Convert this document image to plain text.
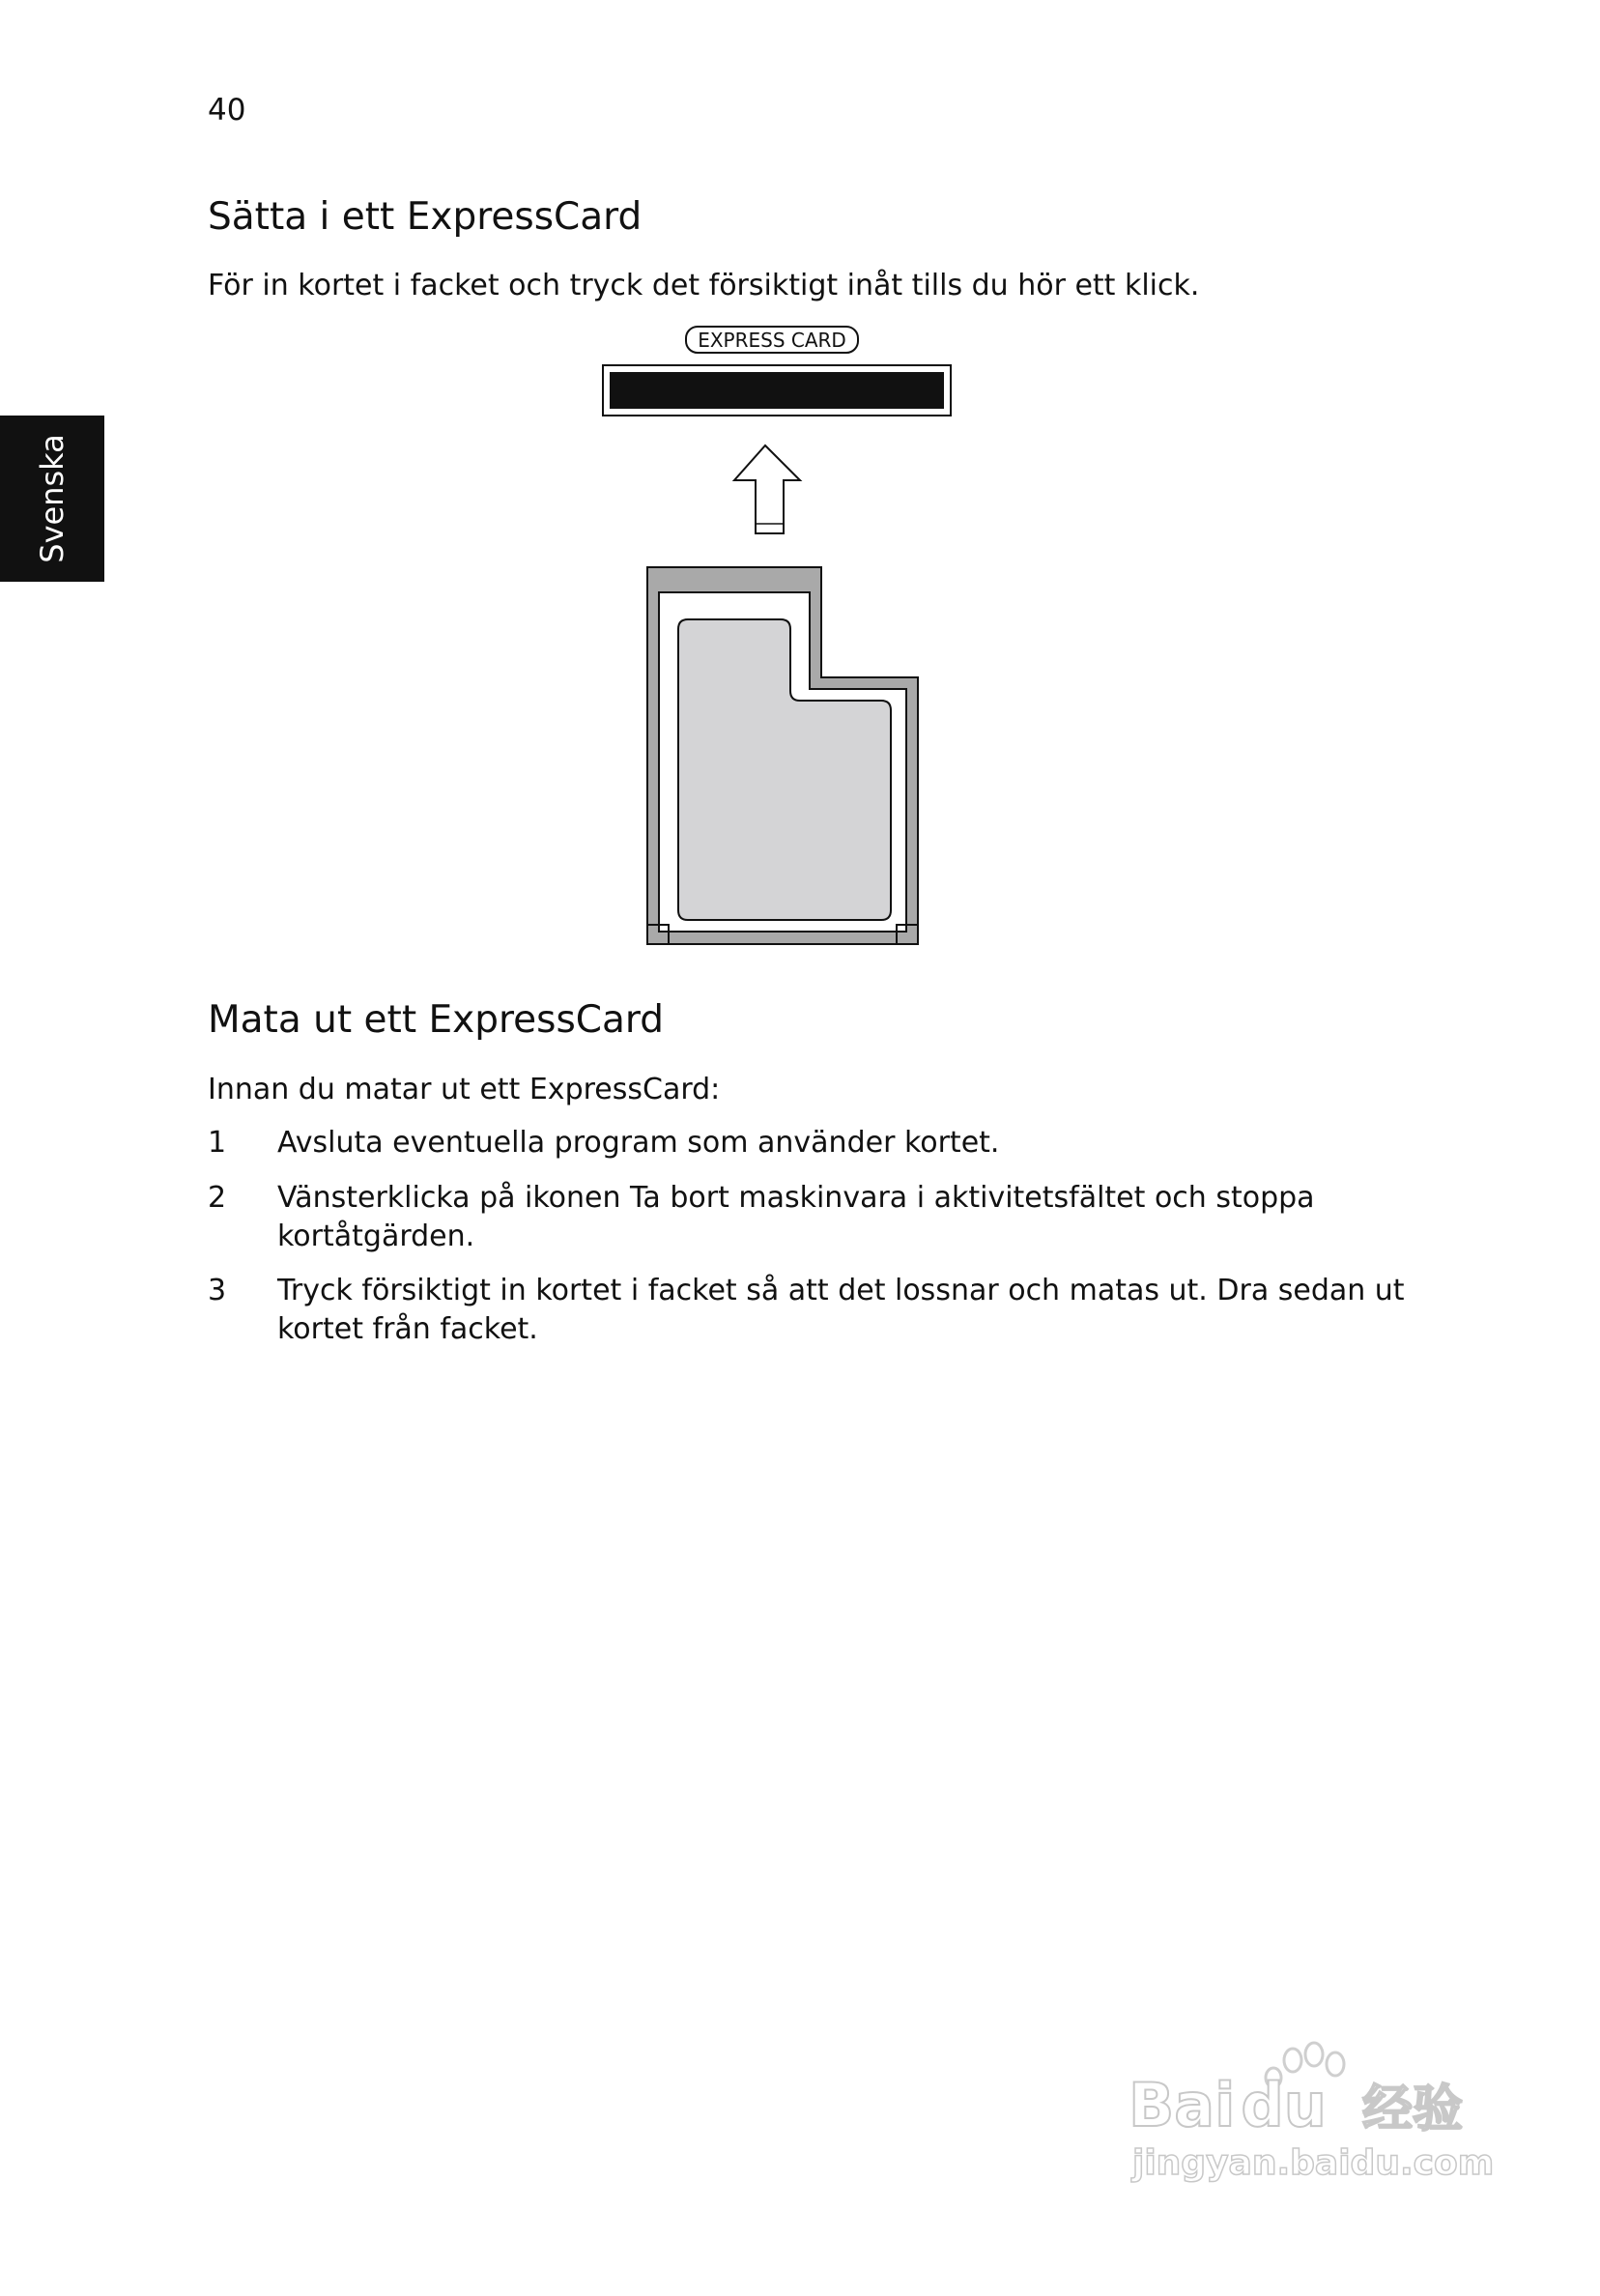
40
Svenska
Sätta i ett ExpressCard

För in kortet i facket och tryck det försiktigt inåt tills du hör ett klick.

EXPRESS CARD
Mata ut ett ExpressCard

Innan du matar ut ett ExpressCard:

1 Avsluta eventuella program som använder kortet.
2 Vänsterklicka på ikonen Ta bort maskinvara i aktivitetsfältet och stoppa kortåtgärden.
3 Tryck försiktigt in kortet i facket så att det lossnar och matas ut. Dra sedan ut kortet från facket.
Baidu 经验
jingyan.baidu.com
